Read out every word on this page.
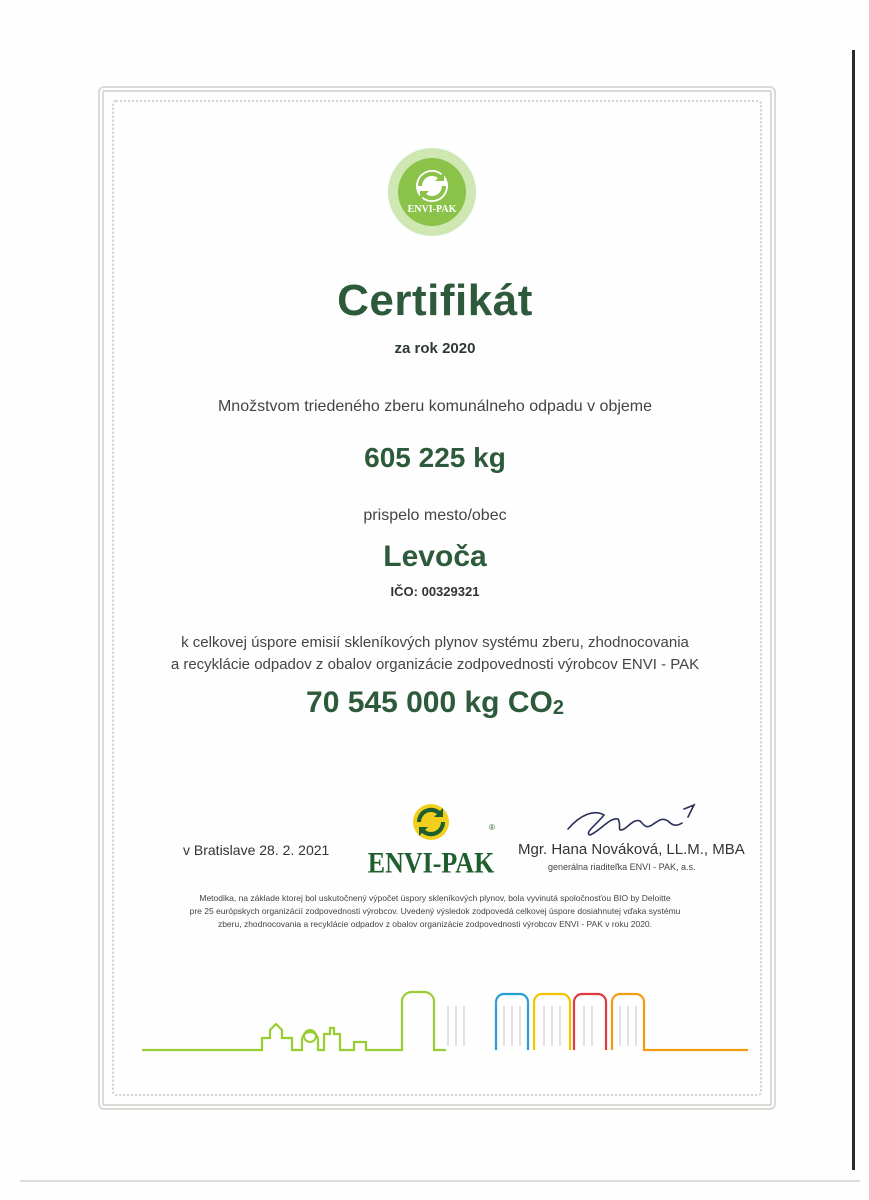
ENVI-PAK
Certifikát
za rok 2020
Množstvom triedeného zberu komunálneho odpadu v objeme
605 225 kg
prispelo mesto/obec
Levoča
IČO: 00329321
k celkovej úspore emisií skleníkových plynov systému zberu, zhodnocovania
a recyklácie odpadov z obalov organizácie zodpovednosti výrobcov ENVI - PAK
70 545 000 kg $CO_2$
v Bratislave 28. 2. 2021 ENVI-PAK
®
Mgr. Hana Nováková, LL.M., MBA
generálna riaditeľka ENVI - PAK, a.s.
Metodika, na základe ktorej bol uskutočnený výpočet úspory skleníkových plynov, bola vyvinutá spoločnosťou BIO by Deloitte
pre 25 európskych organizácií zodpovednosti výrobcov. Uvedený výsledok zodpovedá celkovej úspore dosiahnutej vďaka systému
zberu, zhodnocovania a recyklácie odpadov z obalov organizácie zodpovednosti výrobcov ENVI - PAK v roku 2020.
